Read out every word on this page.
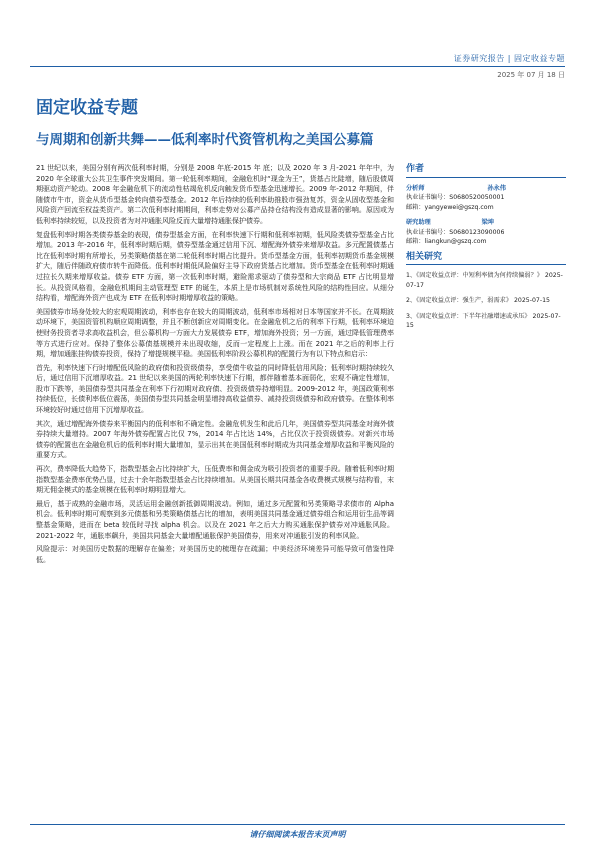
证券研究报告 | 固定收益专题
2025 年 07 月 18 日
固定收益专题
与周期和创新共舞——低利率时代资管机构之美国公募篇

21 世纪以来，美国分别有两次低利率时期，分别是 2008 年底-2015 年 底；以及 2020 年 3 月-2021 年年中，为 2020 年全球重大公共卫生事件突发期间。第一轮低利率期间，金融危机时“现金为王”，货基占比陡增，随后股债周期驱动资产轮动。2008 年金融危机下的流动性枯竭危机反向触发货币型基金迅速增长。2009 年-2012 年期间，伴随债市牛市，资金从货币型基金转向债券型基金。2012 年后持续的低利率助推股市强劲复苏，资金从固收型基金和风险资产回流至权益类资产。第二次低利率时期期间，利率走势对公募产品持仓结构没有造成显著的影响。原因或为低利率持续较短，以及投资者为对冲通胀风险反而大量增持通胀保护债券。

复盘低利率时期各类债券基金的表现，债券型基金方面，在利率快速下行期和低利率初期，低风险类债券型基金占比增加。2013 年-2016 年，低利率时期后期，债券型基金通过信用下沉、增配海外债券来增厚收益。多元配置债基占比在低利率时期有所增长，另类策略债基在第二轮低利率时期占比提升。货币型基金方面，低利率初期货币基金规模扩大，随后伴随政府债市转牛而降低。低利率时期低风险偏好主导下政府货基占比增加。货币型基金在低利率时期通过拉长久期来增厚收益。债券 ETF 方面，第一次低利率时期，避险需求驱动了债券型和大宗商品 ETF 占比明显增长。从投资风格看，金融危机期间主动管理型 ETF 的诞生，本质上是市场机制对系统性风险的结构性回应。从细分结构看，增配海外资产也成为 ETF 在低利率时期增厚收益的策略。

美国债券市场身处较大的宏观周期波动，利率也存在较大的周期波动，低利率市场相对日本等国家并不长。在周期波动环境下，美国资管机构顺应周期调整，并且不断创新应对周期变化。在金融危机之后的利率下行期，低利率环境迫使财务投资者寻求高收益机会，但公募机构一方面大力发展债券 ETF，增加海外投资；另一方面，通过降低管理费率等方式进行应对。保持了整体公募债基规模并未出现收缩，反而一定程度上上涨。而在 2021 年之后的利率上行期，增加通胀挂钩债券投资，保持了增提规模平稳。美国低利率阶段公募机构的配置行为有以下特点和启示：

首先，利率快速下行时增配低风险的政府债和投资级债券，享受债牛收益的同时降低信用风险；低利率时期持续较久后，通过信用下沉增厚收益。21 世纪以来美国的两轮利率快速下行期，都伴随着基本面弱化，宏观不确定性增加，股市下跌等，美国债券型共同基金在利率下行初期对政府债、投资级债券持增明显。2009-2012 年，美国政策利率持续低位，长债利率低位震荡，美国债券型共同基金明显增持高收益债券、减持投资级债券和政府债券。在整体利率环境较好时通过信用下沉增厚收益。

其次，通过增配海外债券来平衡国内的低利率和不确定性。金融危机发生和此后几年，美国债券型共同基金对海外债券持续大量增持。2007 年海外债券配置占比仅 7%，2014 年占比达 14%，占比仅次于投资级债券。对新兴市场债券的配置也在金融危机后的低利率时期大量增加，显示出其在美国低利率时期成为共同基金增厚收益和平衡风险的重要方式。

再次，费率降低大趋势下，指数型基金占比持续扩大，压低费率和佣金成为吸引投资者的重要手段。随着低利率时期指数型基金费率优势凸显，过去十余年指数型基金占比持续增加。从美国长期共同基金各收费模式规模与结构看，末期无佣金模式的基金规模在低利率时期明显增大。

最后，基于成熟的金融市场，灵活运用金融创新抵御周期波动。例如，通过多元配置和另类策略寻求债市的 Alpha 机会。低利率时期可观察到多元债基和另类策略债基占比的增加，表明美国共同基金通过债券组合和运用衍生品等调整基金策略，进而在 beta 较低时寻找 alpha 机会。以及在 2021 年之后大力购买通胀保护债券对冲通胀风险。2021-2022 年，通胀率飙升，美国共同基金大量增配通胀保护美国债券，用来对冲通胀引发的利率风险。

风险提示：对美国历史数据的理解存在偏差；对美国历史的梳理存在疏漏；中美经济环境差异可能导致可借鉴性降低。

作者
分析师	孙永伟
执业证书编号：S0680520050001
邮箱：yangyewei@gszq.com
研究助理	梁坤
执业证书编号：S0680123090006
邮箱：liangkun@gszq.com
相关研究
1、《固定收益点评：中短利率债为何持续偏弱？》 2025-07-17
2、《固定收益点评：强生产，弱需求》 2025-07-15
3、《固定收益点评：下半年社融增速或承压》 2025-07-15
请仔细阅读本报告末页声明
